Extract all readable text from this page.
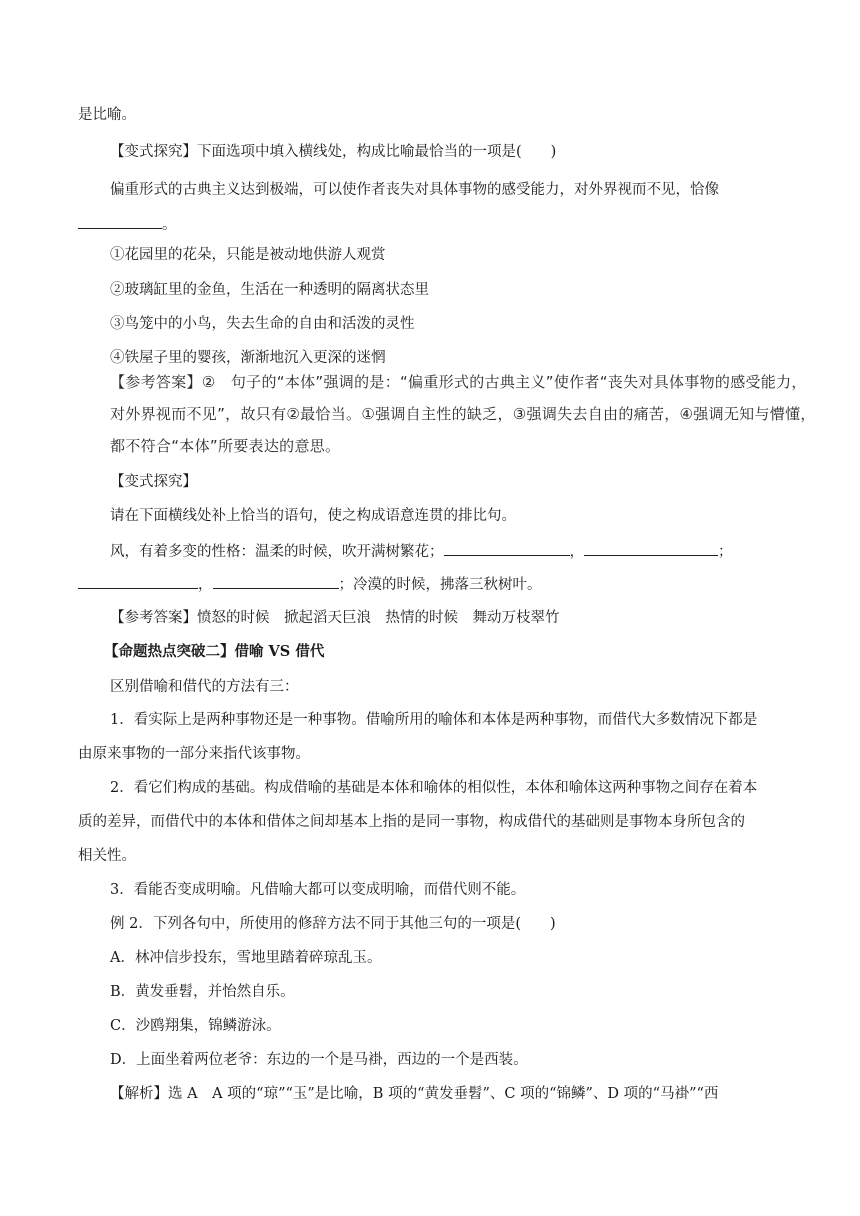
是比喻。
【变式探究】下面选项中填入横线处，构成比喻最恰当的一项是(　　)
偏重形式的古典主义达到极端，可以使作者丧失对具体事物的感受能力，对外界视而不见，恰像
。
①花园里的花朵，只能是被动地供游人观赏
②玻璃缸里的金鱼，生活在一种透明的隔离状态里
③鸟笼中的小鸟，失去生命的自由和活泼的灵性
④铁屋子里的婴孩，渐渐地沉入更深的迷惘
【参考答案】②　句子的“本体”强调的是：“偏重形式的古典主义”使作者“丧失对具体事物的感受能力，
对外界视而不见”，故只有②最恰当。①强调自主性的缺乏，③强调失去自由的痛苦，④强调无知与懵懂，
都不符合“本体”所要表达的意思。
【变式探究】
请在下面横线处补上恰当的语句，使之构成语意连贯的排比句。
风，有着多变的性格：温柔的时候，吹开满树繁花；	，	；
，	；冷漠的时候，拂落三秋树叶。
【参考答案】愤怒的时候　掀起滔天巨浪　热情的时候　舞动万枝翠竹
【命题热点突破二】借喻 VS 借代
区别借喻和借代的方法有三：
1．看实际上是两种事物还是一种事物。借喻所用的喻体和本体是两种事物，而借代大多数情况下都是
由原来事物的一部分来指代该事物。
2．看它们构成的基础。构成借喻的基础是本体和喻体的相似性，本体和喻体这两种事物之间存在着本
质的差异，而借代中的本体和借体之间却基本上指的是同一事物，构成借代的基础则是事物本身所包含的
相关性。
3．看能否变成明喻。凡借喻大都可以变成明喻，而借代则不能。
例 2．下列各句中，所使用的修辞方法不同于其他三句的一项是(　　)
A．林冲信步投东，雪地里踏着碎琼乱玉。
B．黄发垂髫，并怡然自乐。
C．沙鸥翔集，锦鳞游泳。
D．上面坐着两位老爷：东边的一个是马褂，西边的一个是西装。
【解析】选 A　A 项的“琼”“玉”是比喻，B 项的“黄发垂髫”、C 项的“锦鳞”、D 项的“马褂”“西
